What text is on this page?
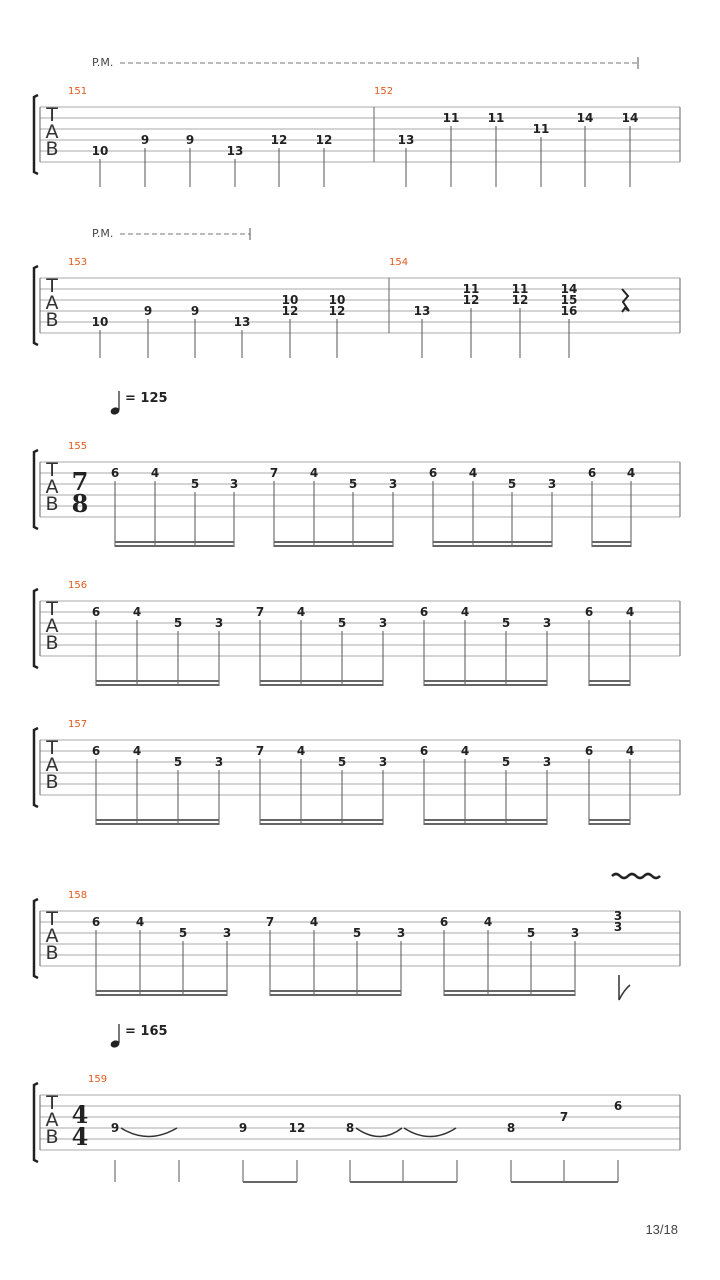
T
A
B
P.M.
151	152
10
9	9
13
12 12	13
11 11
11
14 14
T
A
B
P.M.
153	154
10
9	9
13
10
12
10
12	13
11
12
11
12
14
15
16
T
A
B
= 125
7
8
155
6	4
5	3
7	4
5	3
6	4
5	3
6	4
T
A
B
156
6	4
5	3
7	4
5	3
6	4
5	3
6	4
T
A
B
157
6	4
5	3
7	4
5	3
6	4
5	3
6	4
T
A
B
158
6	4
5	3
7	4
5	3
6	4
5	3
3
3
T
A
B
= 165
4
4
159
9	9	12	8	8
7
6
13/18
